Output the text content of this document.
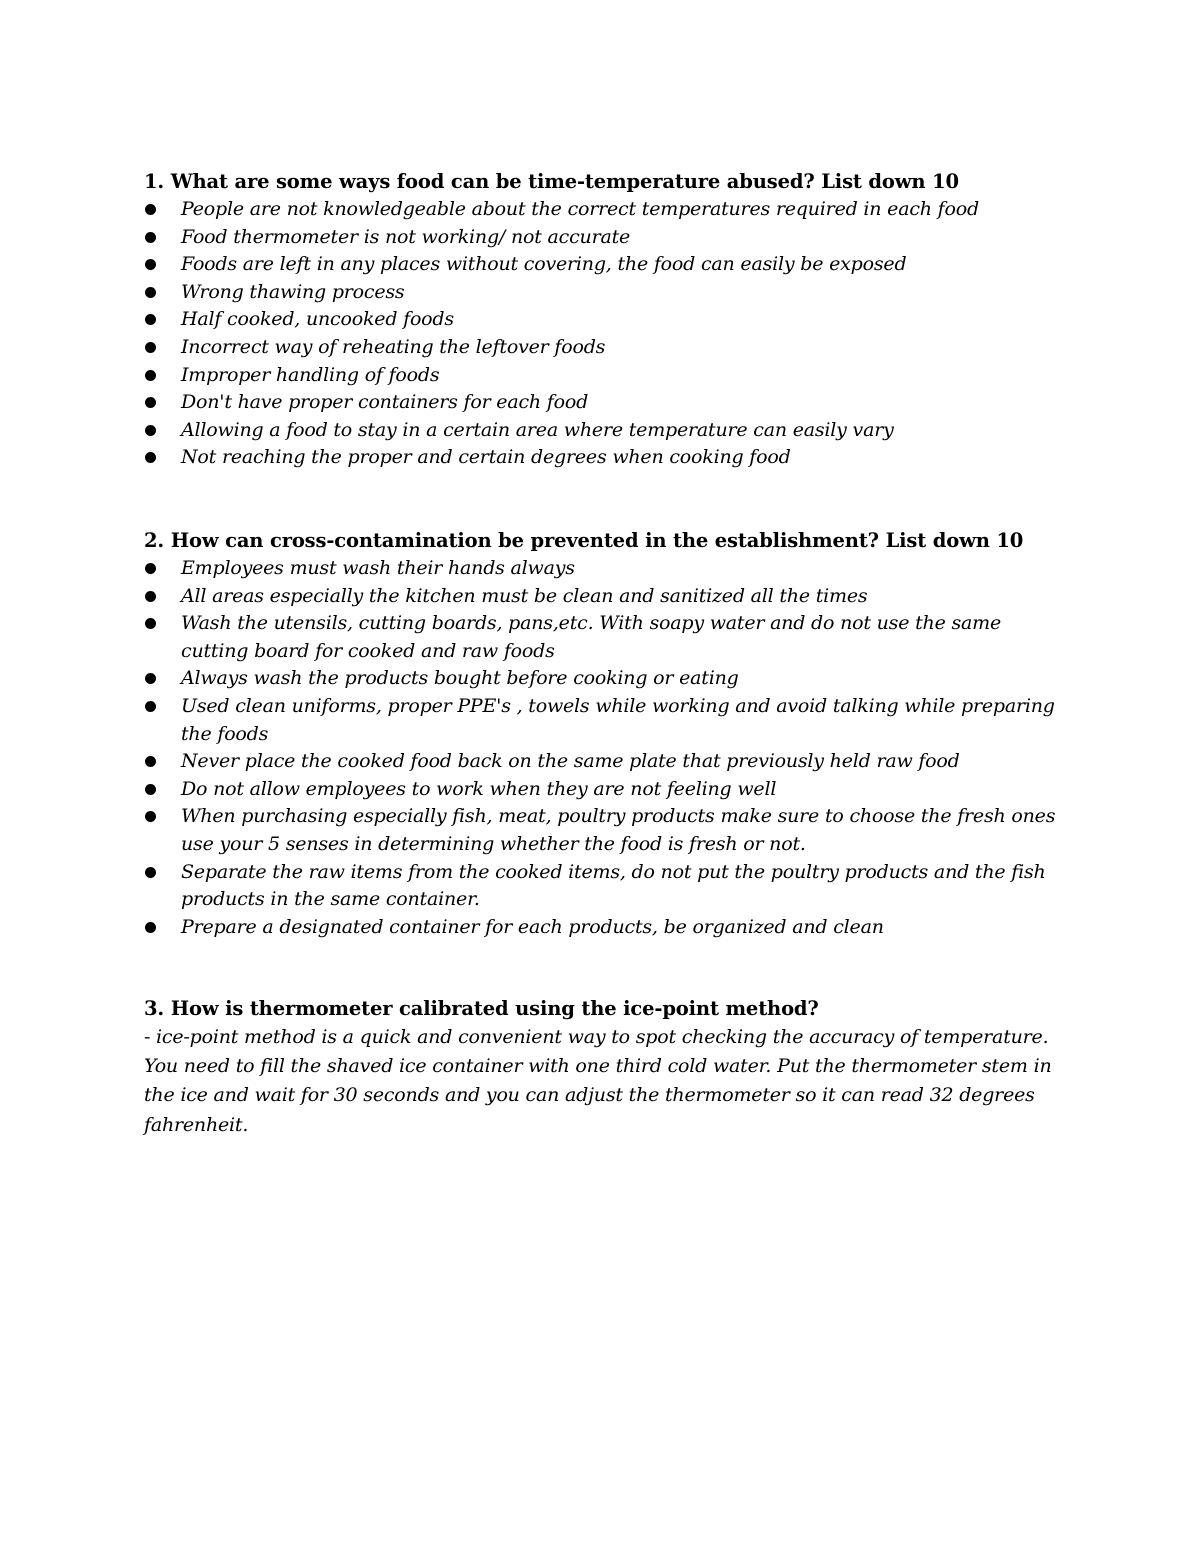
1. What are some ways food can be time-temperature abused? List down 10

People are not knowledgeable about the correct temperatures required in each food
Food thermometer is not working/ not accurate
Foods are left in any places without covering, the food can easily be exposed
Wrong thawing process
Half cooked, uncooked foods
Incorrect way of reheating the leftover foods
Improper handling of foods
Don't have proper containers for each food
Allowing a food to stay in a certain area where temperature can easily vary
Not reaching the proper and certain degrees when cooking food

2. How can cross-contamination be prevented in the establishment? List down 10

Employees must wash their hands always
All areas especially the kitchen must be clean and sanitized all the times
Wash the utensils, cutting boards, pans,etc. With soapy water and do not use the same cutting board for cooked and raw foods
Always wash the products bought before cooking or eating
Used clean uniforms, proper PPE's , towels while working and avoid talking while preparing the foods
Never place the cooked food back on the same plate that previously held raw food
Do not allow employees to work when they are not feeling well
When purchasing especially fish, meat, poultry products make sure to choose the fresh ones use your 5 senses in determining whether the food is fresh or not.
Separate the raw items from the cooked items, do not put the poultry products and the fish products in the same container.
Prepare a designated container for each products, be organized and clean

3. How is thermometer calibrated using the ice-point method?

- ice-point method is a quick and convenient way to spot checking the accuracy of temperature. You need to fill the shaved ice container with one third cold water. Put the thermometer stem in the ice and wait for 30 seconds and you can adjust the thermometer so it can read 32 degrees fahrenheit.
